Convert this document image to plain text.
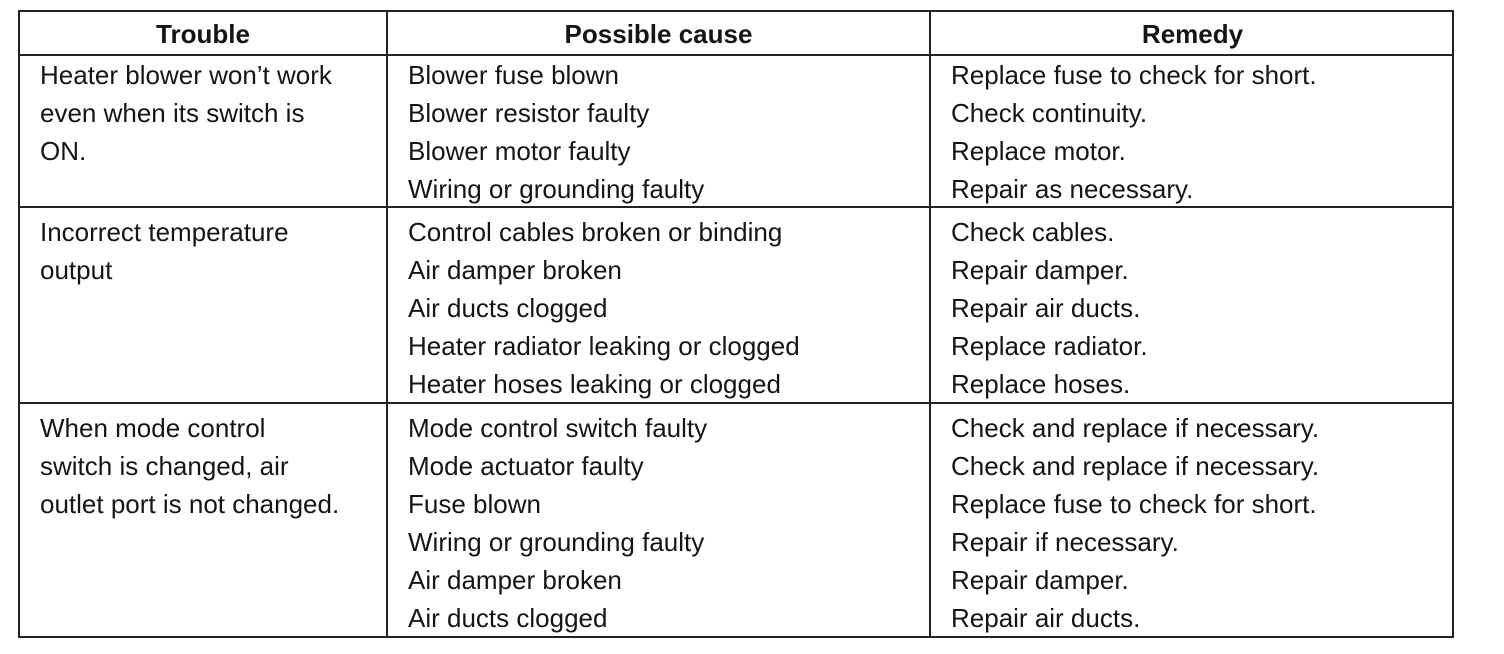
Trouble	Possible cause	Remedy
Heater blower won’t work
even when its switch is
ON.
Blower fuse blown
Blower resistor faulty
Blower motor faulty
Wiring or grounding faulty
Replace fuse to check for short.
Check continuity.
Replace motor.
Repair as necessary.
Incorrect temperature
output
Control cables broken or binding
Air damper broken
Air ducts clogged
Heater radiator leaking or clogged
Heater hoses leaking or clogged
Check cables.
Repair damper.
Repair air ducts.
Replace radiator.
Replace hoses.
When mode control
switch is changed, air
outlet port is not changed.
Mode control switch faulty
Mode actuator faulty
Fuse blown
Wiring or grounding faulty
Air damper broken
Air ducts clogged
Check and replace if necessary.
Check and replace if necessary.
Replace fuse to check for short.
Repair if necessary.
Repair damper.
Repair air ducts.
